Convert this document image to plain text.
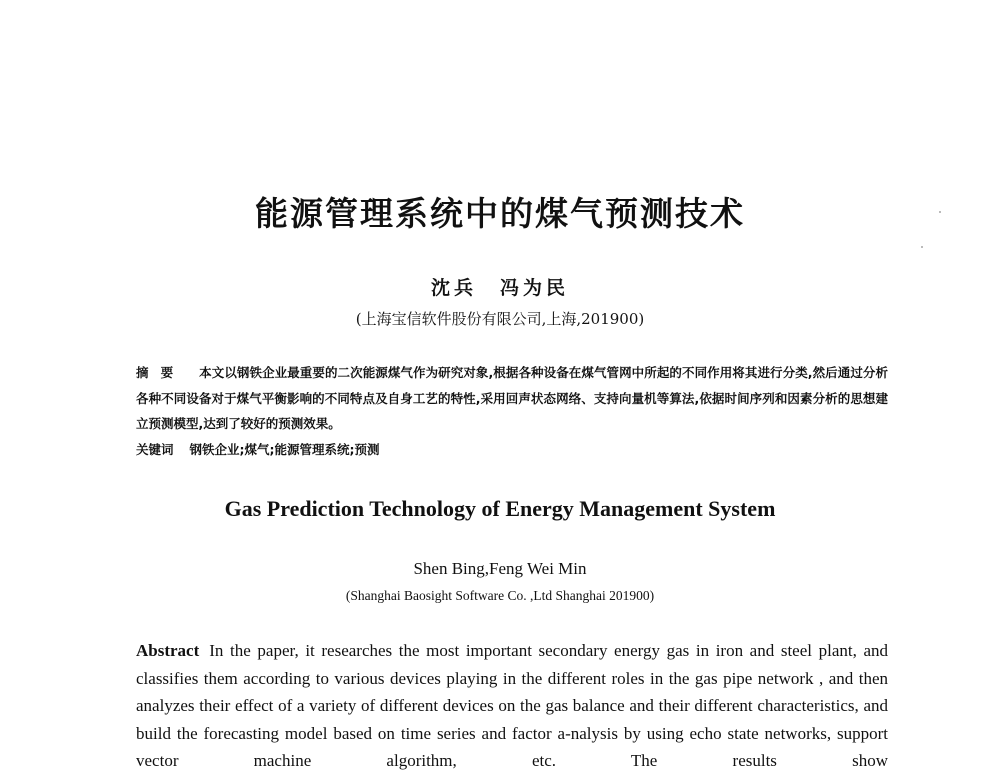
能源管理系统中的煤气预测技术
沈兵　冯为民
(上海宝信软件股份有限公司,上海,201900)
摘要 本文以钢铁企业最重要的二次能源煤气作为研究对象,根据各种设备在煤气管网中所起的不同作用将其进行分类,然后通过分析各种不同设备对于煤气平衡影响的不同特点及自身工艺的特性,采用回声状态网络、支持向量机等算法,依据时间序列和因素分析的思想建立预测模型,达到了较好的预测效果。
关键词 钢铁企业;煤气;能源管理系统;预测
Gas Prediction Technology of Energy Management System
Shen Bing,Feng Wei Min
(Shanghai Baosight Software Co. ,Ltd Shanghai 201900)
Abstract In the paper, it researches the most important secondary energy gas in iron and steel plant, and classifies them according to various devices playing in the different roles in the gas pipe network , and then analyzes their effect of a variety of different devices on the gas balance and their different characteristics, and build the forecasting model based on time series and factor a-nalysis by using echo state networks, support vector machine algorithm, etc. The results show
